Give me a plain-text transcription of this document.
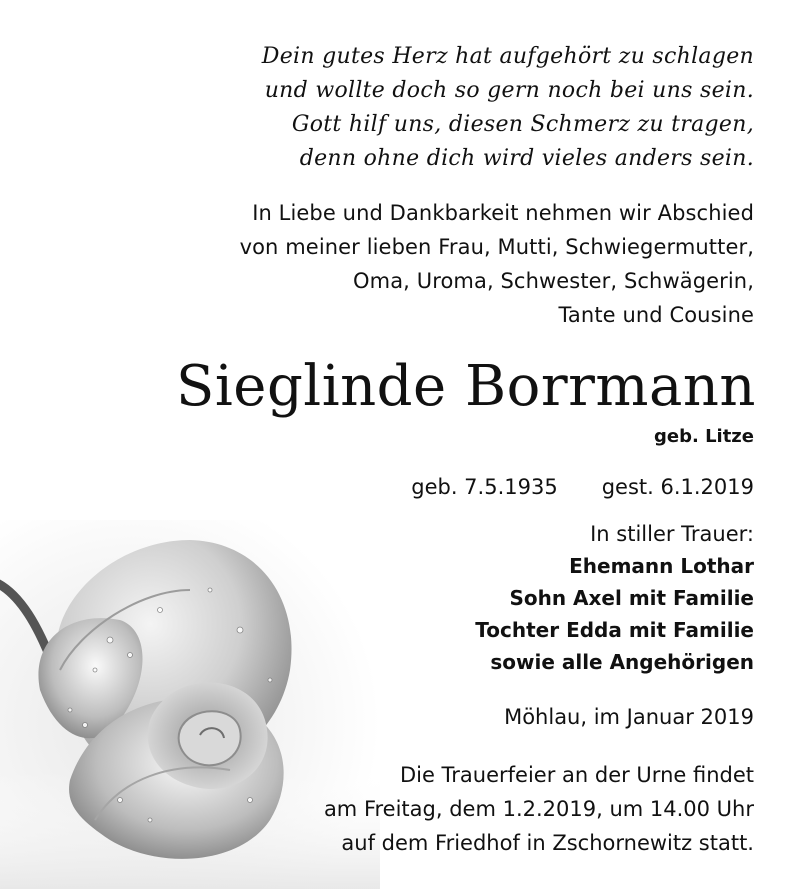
Dein gutes Herz hat aufgehört zu schlagen
und wollte doch so gern noch bei uns sein.
Gott hilf uns, diesen Schmerz zu tragen,
denn ohne dich wird vieles anders sein.
In Liebe und Dankbarkeit nehmen wir Abschied
von meiner lieben Frau, Mutti, Schwiegermutter,
Oma, Uroma, Schwester, Schwägerin,
Tante und Cousine
Sieglinde Borrmann
geb. Litze
geb. 7.5.1935 gest. 6.1.2019
In stiller Trauer:
Ehemann Lothar
Sohn Axel mit Familie
Tochter Edda mit Familie
sowie alle Angehörigen
Möhlau, im Januar 2019
Die Trauerfeier an der Urne findet
am Freitag, dem 1.2.2019, um 14.00 Uhr
auf dem Friedhof in Zschornewitz statt.
